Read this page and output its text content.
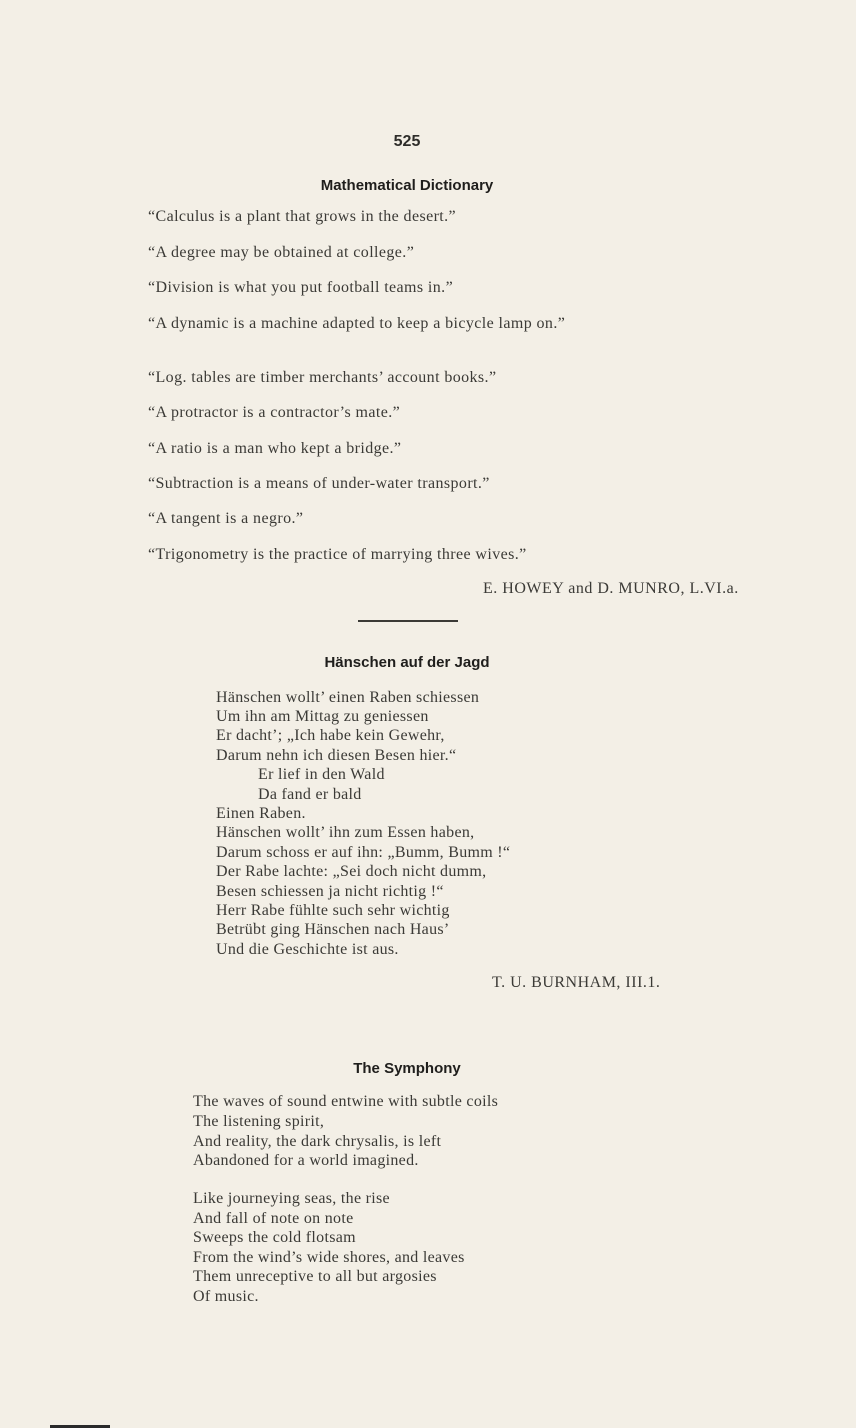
525
Mathematical Dictionary
“Calculus is a plant that grows in the desert.”
“A degree may be obtained at college.”
“Division is what you put football teams in.”
“A dynamic is a machine adapted to keep a bicycle lamp on.”
“Log. tables are timber merchants’ account books.”
“A protractor is a contractor’s mate.”
“A ratio is a man who kept a bridge.”
“Subtraction is a means of under-water transport.”
“A tangent is a negro.”
“Trigonometry is the practice of marrying three wives.”
E. HOWEY and D. MUNRO, L.VI.a.
Hänschen auf der Jagd
Hänschen wollt’ einen Raben schiessen
Um ihn am Mittag zu geniessen
Er dacht’; „Ich habe kein Gewehr,
Darum nehn ich diesen Besen hier.“
Er lief in den Wald
Da fand er bald
Einen Raben.
Hänschen wollt’ ihn zum Essen haben,
Darum schoss er auf ihn: „Bumm, Bumm !“
Der Rabe lachte: „Sei doch nicht dumm,
Besen schiessen ja nicht richtig !“
Herr Rabe fühlte such sehr wichtig
Betrübt ging Hänschen nach Haus’
Und die Geschichte ist aus.
T. U. BURNHAM, III.1.
The Symphony
The waves of sound entwine with subtle coils
The listening spirit,
And reality, the dark chrysalis, is left
Abandoned for a world imagined.
Like journeying seas, the rise
And fall of note on note
Sweeps the cold flotsam
From the wind’s wide shores, and leaves
Them unreceptive to all but argosies
Of music.
